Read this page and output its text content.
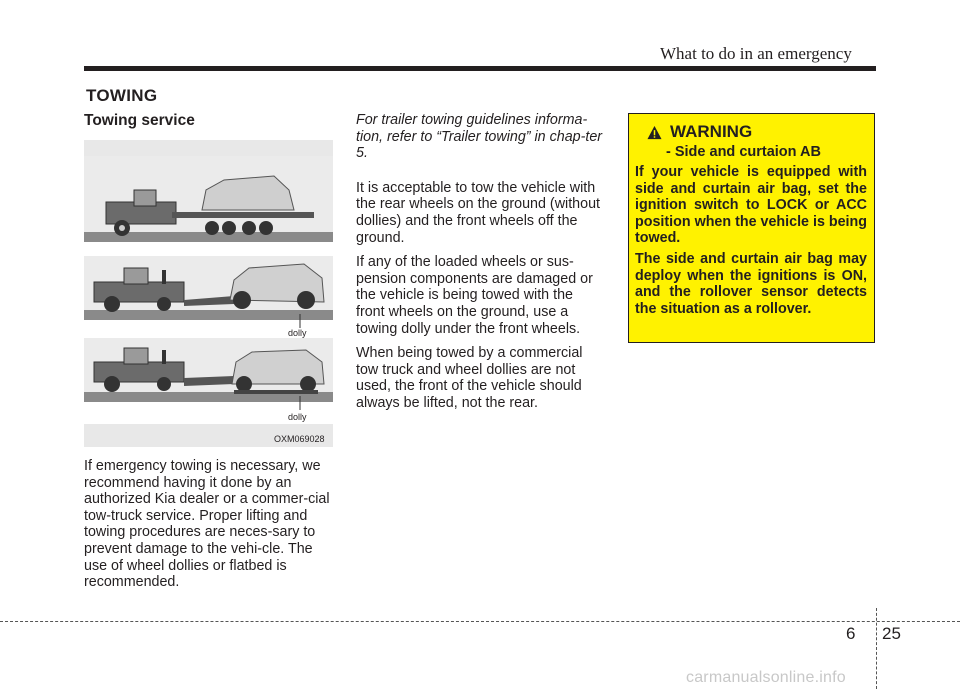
What to do in an emergency
TOWING
Towing service
dolly
dolly
OXM069028
If emergency towing is necessary, we recommend having it done by an authorized Kia dealer or a commer-cial tow-truck service. Proper lifting and towing procedures are neces-sary to prevent damage to the vehi-cle. The use of wheel dollies or flatbed is recommended.

For trailer towing guidelines informa-tion, refer to “Trailer towing” in chap-ter 5.

It is acceptable to tow the vehicle with the rear wheels on the ground (without dollies) and the front wheels off the ground.

If any of the loaded wheels or sus-pension components are damaged or the vehicle is being towed with the front wheels on the ground, use a towing dolly under the front wheels.

When being towed by a commercial tow truck and wheel dollies are not used, the front of the vehicle should always be lifted, not the rear.

WARNING
- Side and curtaion AB

If your vehicle is equipped with side and curtain air bag, set the ignition switch to LOCK or ACC position when the vehicle is being towed.

The side and curtain air bag may deploy when the ignitions is ON, and the rollover sensor detects the situation as a rollover.

6 25
carmanualsonline.info
